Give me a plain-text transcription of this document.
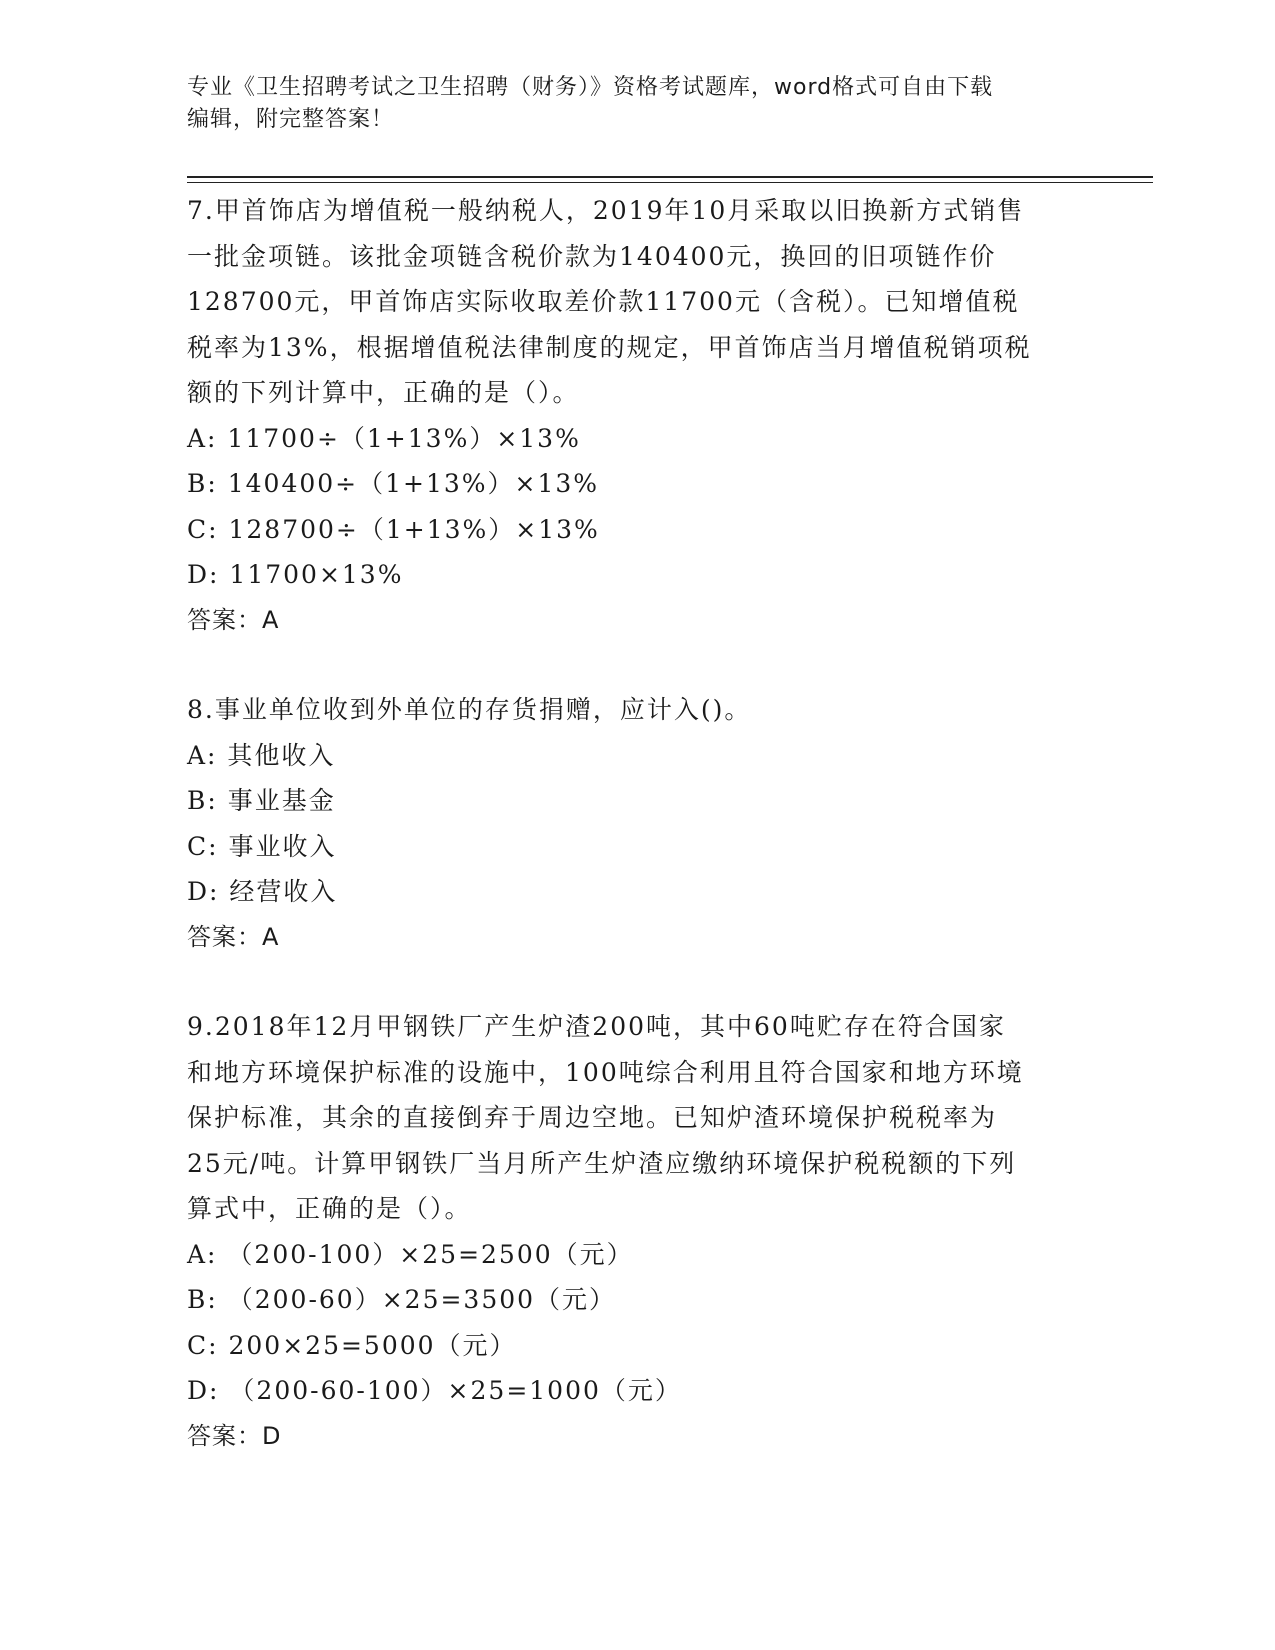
专业《卫生招聘考试之卫生招聘（财务）》资格考试题库，word格式可自由下载
编辑，附完整答案！

7.甲首饰店为增值税一般纳税人，2019年10月采取以旧换新方式销售

一批金项链。该批金项链含税价款为140400元，换回的旧项链作价

128700元，甲首饰店实际收取差价款11700元（含税）。已知增值税

税率为13%，根据增值税法律制度的规定，甲首饰店当月增值税销项税

额的下列计算中，正确的是（）。

A: 11700÷（1+13%）×13%

B: 140400÷（1+13%）×13%

C: 128700÷（1+13%）×13%

D: 11700×13%

答案：A

8.事业单位收到外单位的存货捐赠，应计入()。

A: 其他收入

B: 事业基金

C: 事业收入

D: 经营收入

答案：A

9.2018年12月甲钢铁厂产生炉渣200吨，其中60吨贮存在符合国家

和地方环境保护标准的设施中，100吨综合利用且符合国家和地方环境

保护标准，其余的直接倒弃于周边空地。已知炉渣环境保护税税率为

25元/吨。计算甲钢铁厂当月所产生炉渣应缴纳环境保护税税额的下列

算式中，正确的是（）。

A: （200-100）×25=2500（元）

B: （200-60）×25=3500（元）

C: 200×25=5000（元）

D: （200-60-100）×25=1000（元）

答案：D
